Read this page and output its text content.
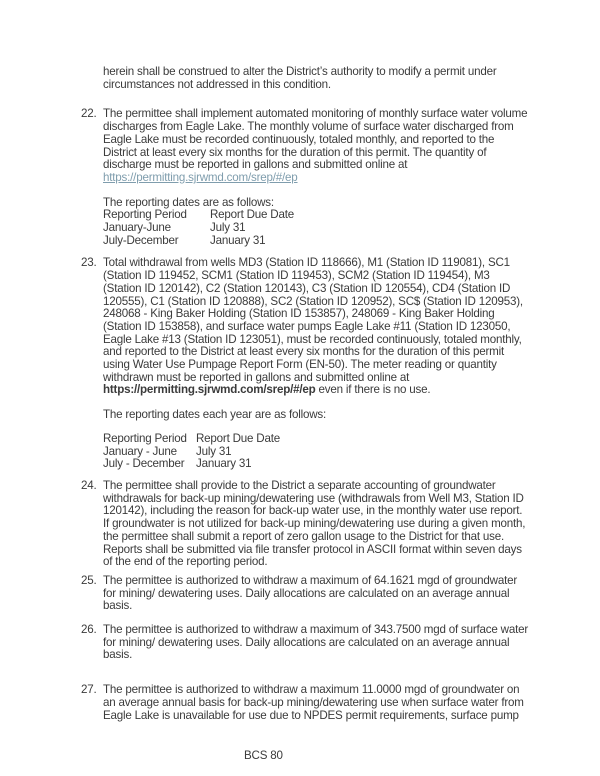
herein shall be construed to alter the District’s authority to modify a permit under circumstances not addressed in this condition.

22. The permittee shall implement automated monitoring of monthly surface water volume discharges from Eagle Lake. The monthly volume of surface water discharged from Eagle Lake must be recorded continuously, totaled monthly, and reported to the District at least every six months for the duration of this permit. The quantity of discharge must be reported in gallons and submitted online at https://permitting.sjrwmd.com/srep/#/ep

The reporting dates are as follows:

Reporting Period	Report Due Date
January-June	July 31
July-December	January 31
23. Total withdrawal from wells MD3 (Station ID 118666), M1 (Station ID 119081), SC1 (Station ID 119452, SCM1 (Station ID 119453), SCM2 (Station ID 119454), M3 (Station ID 120142), C2 (Station 120143), C3 (Station ID 120554), CD4 (Station ID 120555), C1 (Station ID 120888), SC2 (Station ID 120952), SC$ (Station ID 120953), 248068 - King Baker Holding (Station ID 153857), 248069 - King Baker Holding (Station ID 153858), and surface water pumps Eagle Lake #11 (Station ID 123050, Eagle Lake #13 (Station ID 123051), must be recorded continuously, totaled monthly, and reported to the District at least every six months for the duration of this permit using Water Use Pumpage Report Form (EN-50). The meter reading or quantity withdrawn must be reported in gallons and submitted online at https://permitting.sjrwmd.com/srep/#/ep even if there is no use.

The reporting dates each year are as follows:

Reporting Period Report Due Date
January - June	July 31
July - December January 31
24. The permittee shall provide to the District a separate accounting of groundwater withdrawals for back-up mining/dewatering use (withdrawals from Well M3, Station ID 120142), including the reason for back-up water use, in the monthly water use report. If groundwater is not utilized for back-up mining/dewatering use during a given month, the permittee shall submit a report of zero gallon usage to the District for that use. Reports shall be submitted via file transfer protocol in ASCII format within seven days of the end of the reporting period.

25. The permittee is authorized to withdraw a maximum of 64.1621 mgd of groundwater for mining/ dewatering uses. Daily allocations are calculated on an average annual basis.

26. The permittee is authorized to withdraw a maximum of 343.7500 mgd of surface water for mining/ dewatering uses. Daily allocations are calculated on an average annual basis.

27. The permittee is authorized to withdraw a maximum 11.0000 mgd of groundwater on an average annual basis for back-up mining/dewatering use when surface water from Eagle Lake is unavailable for use due to NPDES permit requirements, surface pump

BCS 80
